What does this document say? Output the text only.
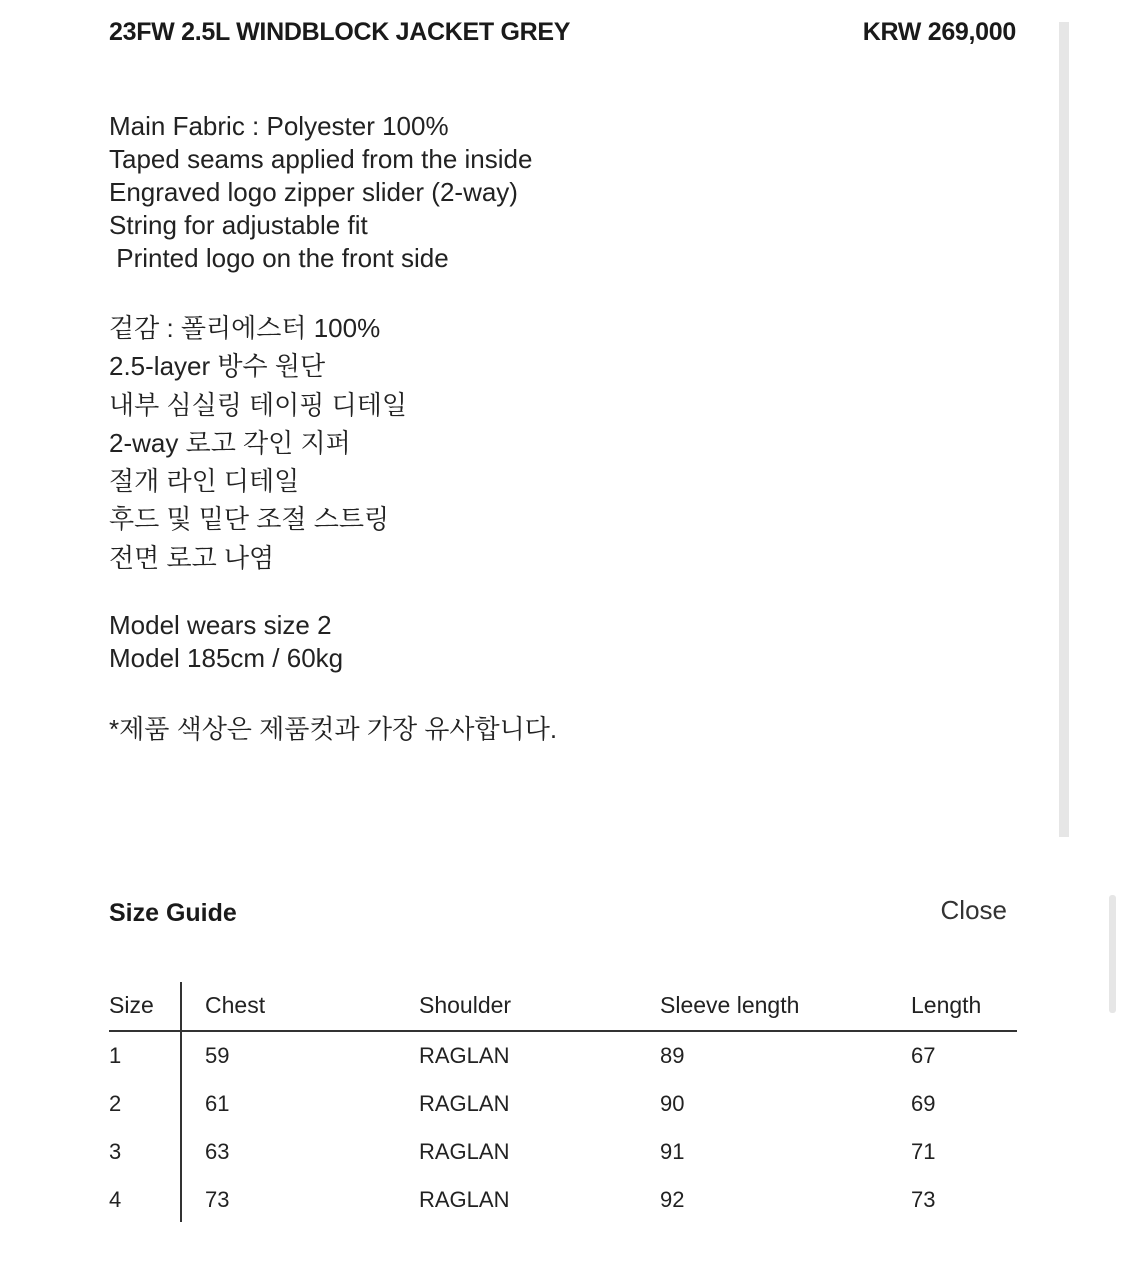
23FW 2.5L WINDBLOCK JACKET GREY	KRW 269,000
Main Fabric : Polyester 100%
Taped seams applied from the inside
Engraved logo zipper slider (2-way)
String for adjustable fit
Printed logo on the front side
겉감 : 폴리에스터 100%
2.5-layer 방수 원단
내부 심실링 테이핑 디테일
2-way 로고 각인 지퍼
절개 라인 디테일
후드 및 밑단 조절 스트링
전면 로고 나염
Model wears size 2
Model 185cm / 60kg
*제품 색상은 제품컷과 가장 유사합니다.
Size Guide	Close
Size Chest	Shoulder	Sleeve length	Length
1	59	RAGLAN	89	67
2	61	RAGLAN	90	69
3	63	RAGLAN	91	71
4	73	RAGLAN	92	73
